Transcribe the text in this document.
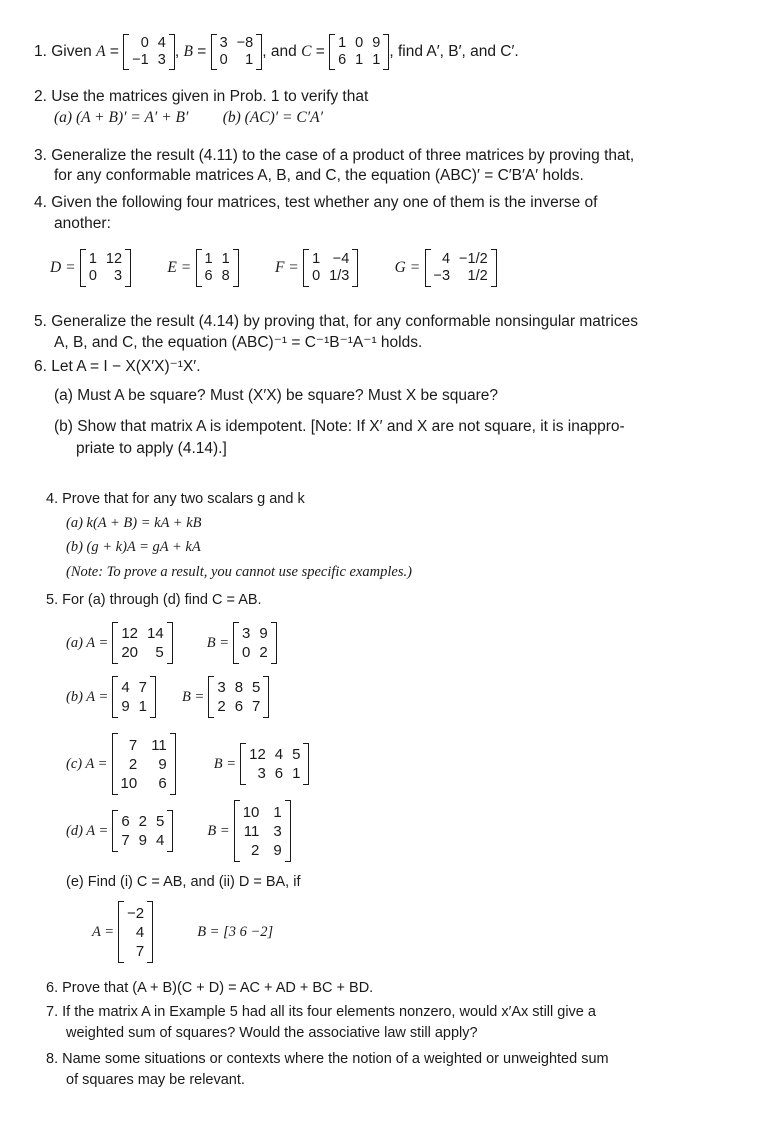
1. Given A =
0 4
−1 3 , B =
3 −8
0	1 , and C =
1 0 9
6 1 1 , find A′, B′, and C′.
2. Use the matrices given in Prob. 1 to verify that
(a) (A + B)′ = A′ + B′ (b) (AC)′ = C′A′
3. Generalize the result (4.11) to the case of a product of three matrices by proving that,
for any conformable matrices A, B, and C, the equation (ABC)′ = C′B′A′ holds.
4. Given the following four matrices, test whether any one of them is the inverse of
another:
D =
1 12
0	3	E =
1 1
6 8	F =
1 −4
0 1/3	G =
4 −1/2
−3	1/2
5. Generalize the result (4.14) by proving that, for any conformable nonsingular matrices
A, B, and C, the equation (ABC)⁻¹ = C⁻¹B⁻¹A⁻¹ holds.
6. Let A = I − X(X′X)⁻¹X′.
(a) Must A be square? Must (X′X) be square? Must X be square?
(b) Show that matrix A is idempotent. [Note: If X′ and X are not square, it is inappro-
priate to apply (4.14).]
4. Prove that for any two scalars g and k
(a) k(A + B) = kA + kB
(b) (g + k)A = gA + kA
(Note: To prove a result, you cannot use specific examples.)
5. For (a) through (d) find C = AB.
(a) A =
12 14
20	5
B =
3 9
0 2
(b) A =
4 7
9 1
B =
3 8 5
2 6 7
(c) A =
7 11
2	9
10	6
B =
12 4 5
3 6 1
(d) A =
6 2 5
7 9 4
B =
10 1
11 3
2 9
(e) Find (i) C = AB, and (ii) D = BA, if
A =
−2
4
7
B = [3 6 −2]
6. Prove that (A + B)(C + D) = AC + AD + BC + BD.
7. If the matrix A in Example 5 had all its four elements nonzero, would x′Ax still give a
weighted sum of squares? Would the associative law still apply?
8. Name some situations or contexts where the notion of a weighted or unweighted sum
of squares may be relevant.
